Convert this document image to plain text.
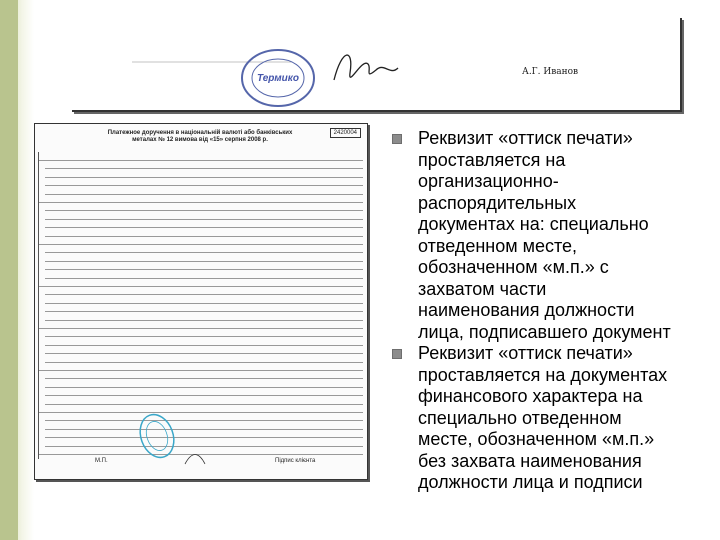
Термико
А.Г. Иванов
2420004
Платежное доручення в національній валюті або банківських металах № 12 вимова від «15» серпня 2008 р.
М.П.	Підпис клієнта

Реквизит «оттиск печати»
проставляется на
организационно-
распорядительных
документах на: специально
отведенном месте,
обозначенном «м.п.» с
захватом части
наименования должности
лица, подписавшего документ

Реквизит «оттиск печати»
проставляется на документах
финансового характера на
специально отведенном
месте, обозначенном «м.п.»
без захвата наименования
должности лица и подписи
